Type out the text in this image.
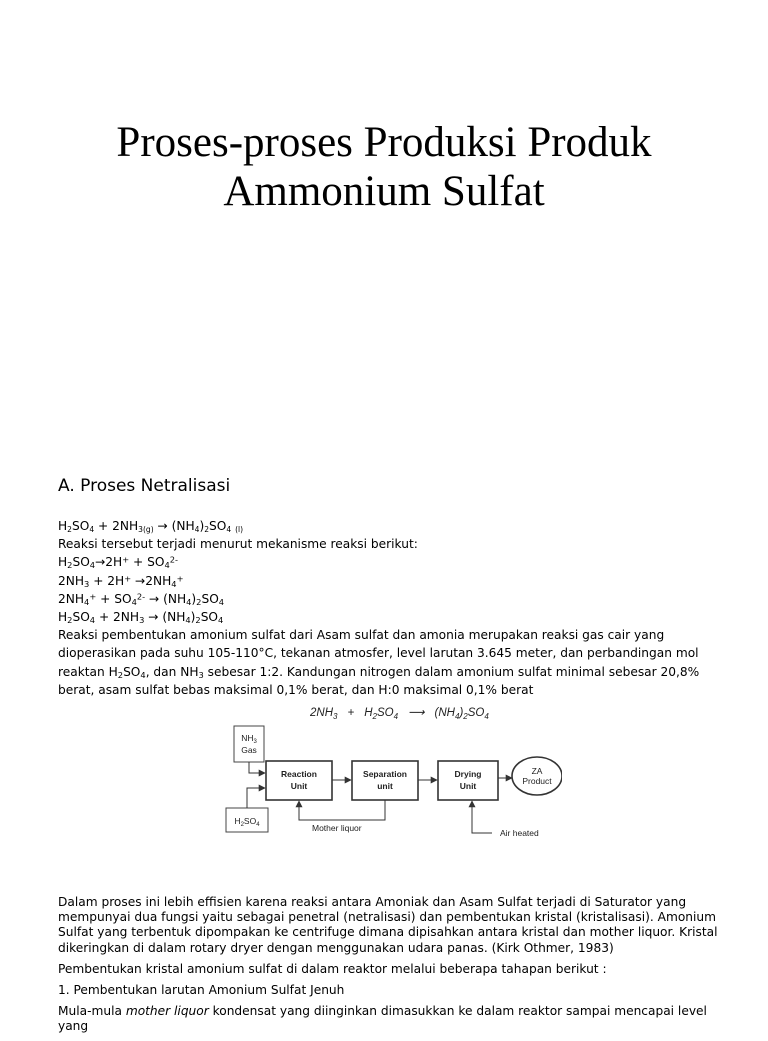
Proses-proses Produksi Produk
Ammonium Sulfat
A. Proses Netralisasi
$H_2SO_4 + 2NH_{3(g)} \to (NH_4)_2SO_4$ $_{(l)}$
Reaksi tersebut terjadi menurut mekanisme reaksi berikut:
$H_2SO_4\to 2H^+ + SO_4^{2-}$
$2NH_3 + 2H^+ \to 2NH_4^+$
$2NH_4^+ + SO_4^{2-} \to (NH_4)_2SO_4$
$H_2SO_4 + 2NH_3 \to (NH_4)_2SO_4$
Reaksi pembentukan amonium sulfat dari Asam sulfat dan amonia merupakan reaksi gas cair yang dioperasikan pada suhu 105-110°C, tekanan atmosfer, level larutan 3.645 meter, dan perbandingan mol reaktan $H_2SO_4$, dan $NH_3$ sebesar 1:2. Kandungan nitrogen dalam amonium sulfat minimal sebesar 20,8% berat, asam sulfat bebas maksimal 0,1% berat, dan H:0 maksimal 0,1% berat
$2NH_3 + H_2SO_4$ ⟶ $(NH_4)_2SO_4$
$NH_3$
Gas
$H_2SO_4$
Reaction
Unit
Separation
unit
Drying
Unit
ZA
Product
Mother liquor	Air heated

Dalam proses ini lebih effisien karena reaksi antara Amoniak dan Asam Sulfat terjadi di Saturator yang mempunyai dua fungsi yaitu sebagai penetral (netralisasi) dan pembentukan kristal (kristalisasi). Amonium Sulfat yang terbentuk dipompakan ke centrifuge dimana dipisahkan antara kristal dan mother liquor. Kristal dikeringkan di dalam rotary dryer dengan menggunakan udara panas. (Kirk Othmer, 1983)

Pembentukan kristal amonium sulfat di dalam reaktor melalui beberapa tahapan berikut :

1. Pembentukan larutan Amonium Sulfat Jenuh

Mula-mula mother liquor kondensat yang diinginkan dimasukkan ke dalam reaktor sampai mencapai level yang
